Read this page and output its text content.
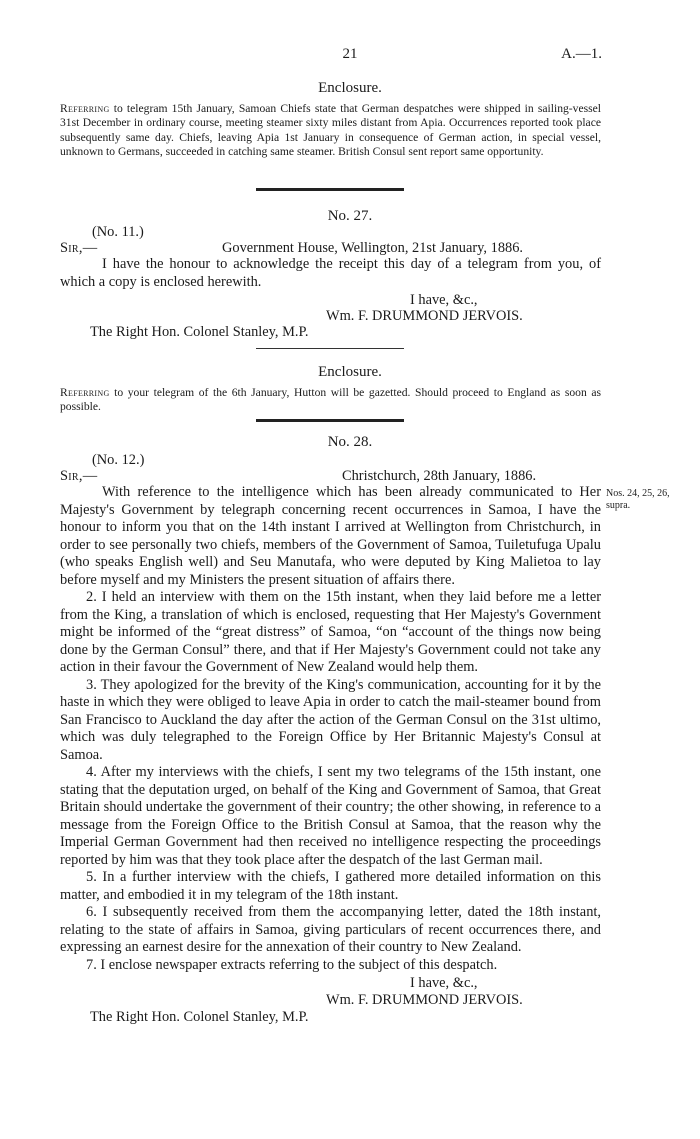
21	A.—1.
Enclosure.
Referring to telegram 15th January, Samoan Chiefs state that German despatches were shipped in sailing-vessel 31st December in ordinary course, meeting steamer sixty miles distant from Apia. Occurrences reported took place subsequently same day. Chiefs, leaving Apia 1st January in consequence of German action, in special vessel, unknown to Germans, succeeded in catching same steamer. British Consul sent report same opportunity.
No. 27.
(No. 11.)
Sir,—	Government House, Wellington, 21st January, 1886.
I have the honour to acknowledge the receipt this day of a telegram from you, of which a copy is enclosed herewith.
I have, &c.,
Wm. F. DRUMMOND JERVOIS.
The Right Hon. Colonel Stanley, M.P.
Enclosure.
Referring to your telegram of the 6th January, Hutton will be gazetted. Should proceed to England as soon as possible.
No. 28.
(No. 12.)
Sir,—	Christchurch, 28th January, 1886.
Nos. 24, 25, 26, supra.

With reference to the intelligence which has been already communicated to Her Majesty's Government by telegraph concerning recent occurrences in Samoa, I have the honour to inform you that on the 14th instant I arrived at Wellington from Christchurch, in order to see personally two chiefs, members of the Government of Samoa, Tuiletufuga Upalu (who speaks English well) and Seu Manutafa, who were deputed by King Malietoa to lay before myself and my Ministers the present situation of affairs there.

2. I held an interview with them on the 15th instant, when they laid before me a letter from the King, a translation of which is enclosed, requesting that Her Majesty's Government might be informed of the “great distress” of Samoa, “on “account of the things now being done by the German Consul” there, and that if Her Majesty's Government could not take any action in their favour the Government of New Zealand would help them.

3. They apologized for the brevity of the King's communication, accounting for it by the haste in which they were obliged to leave Apia in order to catch the mail-steamer bound from San Francisco to Auckland the day after the action of the German Consul on the 31st ultimo, which was duly telegraphed to the Foreign Office by Her Britannic Majesty's Consul at Samoa.

4. After my interviews with the chiefs, I sent my two telegrams of the 15th instant, one stating that the deputation urged, on behalf of the King and Government of Samoa, that Great Britain should undertake the government of their country; the other showing, in reference to a message from the Foreign Office to the British Consul at Samoa, that the reason why the Imperial German Government had then received no intelligence respecting the proceedings reported by him was that they took place after the despatch of the last German mail.

5. In a further interview with the chiefs, I gathered more detailed information on this matter, and embodied it in my telegram of the 18th instant.

6. I subsequently received from them the accompanying letter, dated the 18th instant, relating to the state of affairs in Samoa, giving particulars of recent occurrences there, and expressing an earnest desire for the annexation of their country to New Zealand.

7. I enclose newspaper extracts referring to the subject of this despatch.

I have, &c.,
Wm. F. DRUMMOND JERVOIS.
The Right Hon. Colonel Stanley, M.P.
